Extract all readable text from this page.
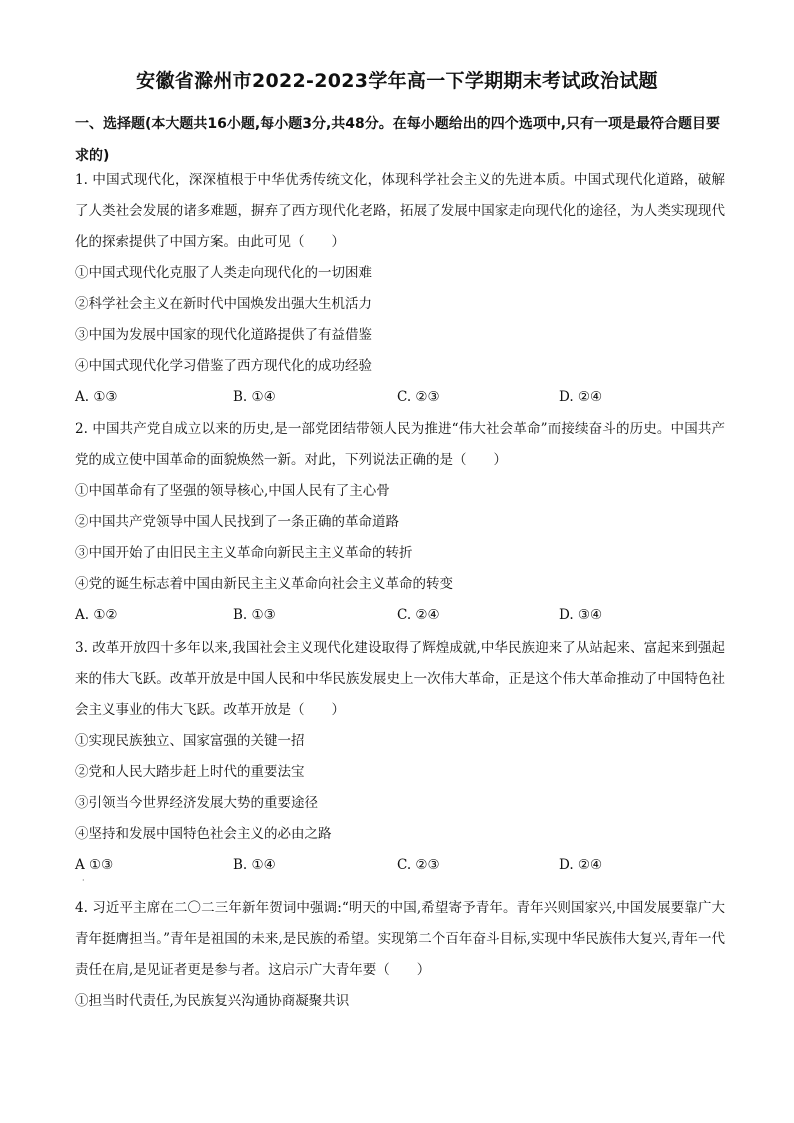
安徽省滁州市2022-2023学年高一下学期期末考试政治试题
一、选择题(本大题共16小题,每小题3分,共48分。在每小题给出的四个选项中,只有一项是最符合题目要求的)

1. 中国式现代化，深深植根于中华优秀传统文化，体现科学社会主义的先进本质。中国式现代化道路，破解了人类社会发展的诸多难题，摒弃了西方现代化老路，拓展了发展中国家走向现代化的途径，为人类实现现代化的探索提供了中国方案。由此可见（　　）

①中国式现代化克服了人类走向现代化的一切困难

②科学社会主义在新时代中国焕发出强大生机活力

③中国为发展中国家的现代化道路提供了有益借鉴

④中国式现代化学习借鉴了西方现代化的成功经验

A. ①③	B. ①④	C. ②③	D. ②④

2. 中国共产党自成立以来的历史,是一部党团结带领人民为推进“伟大社会革命”而接续奋斗的历史。中国共产党的成立使中国革命的面貌焕然一新。对此，下列说法正确的是（　　）

①中国革命有了坚强的领导核心,中国人民有了主心骨

②中国共产党领导中国人民找到了一条正确的革命道路

③中国开始了由旧民主主义革命向新民主主义革命的转折

④党的诞生标志着中国由新民主主义革命向社会主义革命的转变

A. ①②	B. ①③	C. ②④	D. ③④

3. 改革开放四十多年以来,我国社会主义现代化建设取得了辉煌成就,中华民族迎来了从站起来、富起来到强起来的伟大飞跃。改革开放是中国人民和中华民族发展史上一次伟大革命，正是这个伟大革命推动了中国特色社会主义事业的伟大飞跃。改革开放是（　　）

①实现民族独立、国家富强的关键一招

②党和人民大踏步赶上时代的重要法宝

③引领当今世界经济发展大势的重要途径

④坚持和发展中国特色社会主义的必由之路

A ①③	B. ①④	C. ②③	D. ②④
·

4. 习近平主席在二〇二三年新年贺词中强调:“明天的中国,希望寄予青年。青年兴则国家兴,中国发展要靠广大青年挺膺担当。”青年是祖国的未来,是民族的希望。实现第二个百年奋斗目标,实现中华民族伟大复兴,青年一代责任在肩,是见证者更是参与者。这启示广大青年要（　　）

①担当时代责任,为民族复兴沟通协商凝聚共识
